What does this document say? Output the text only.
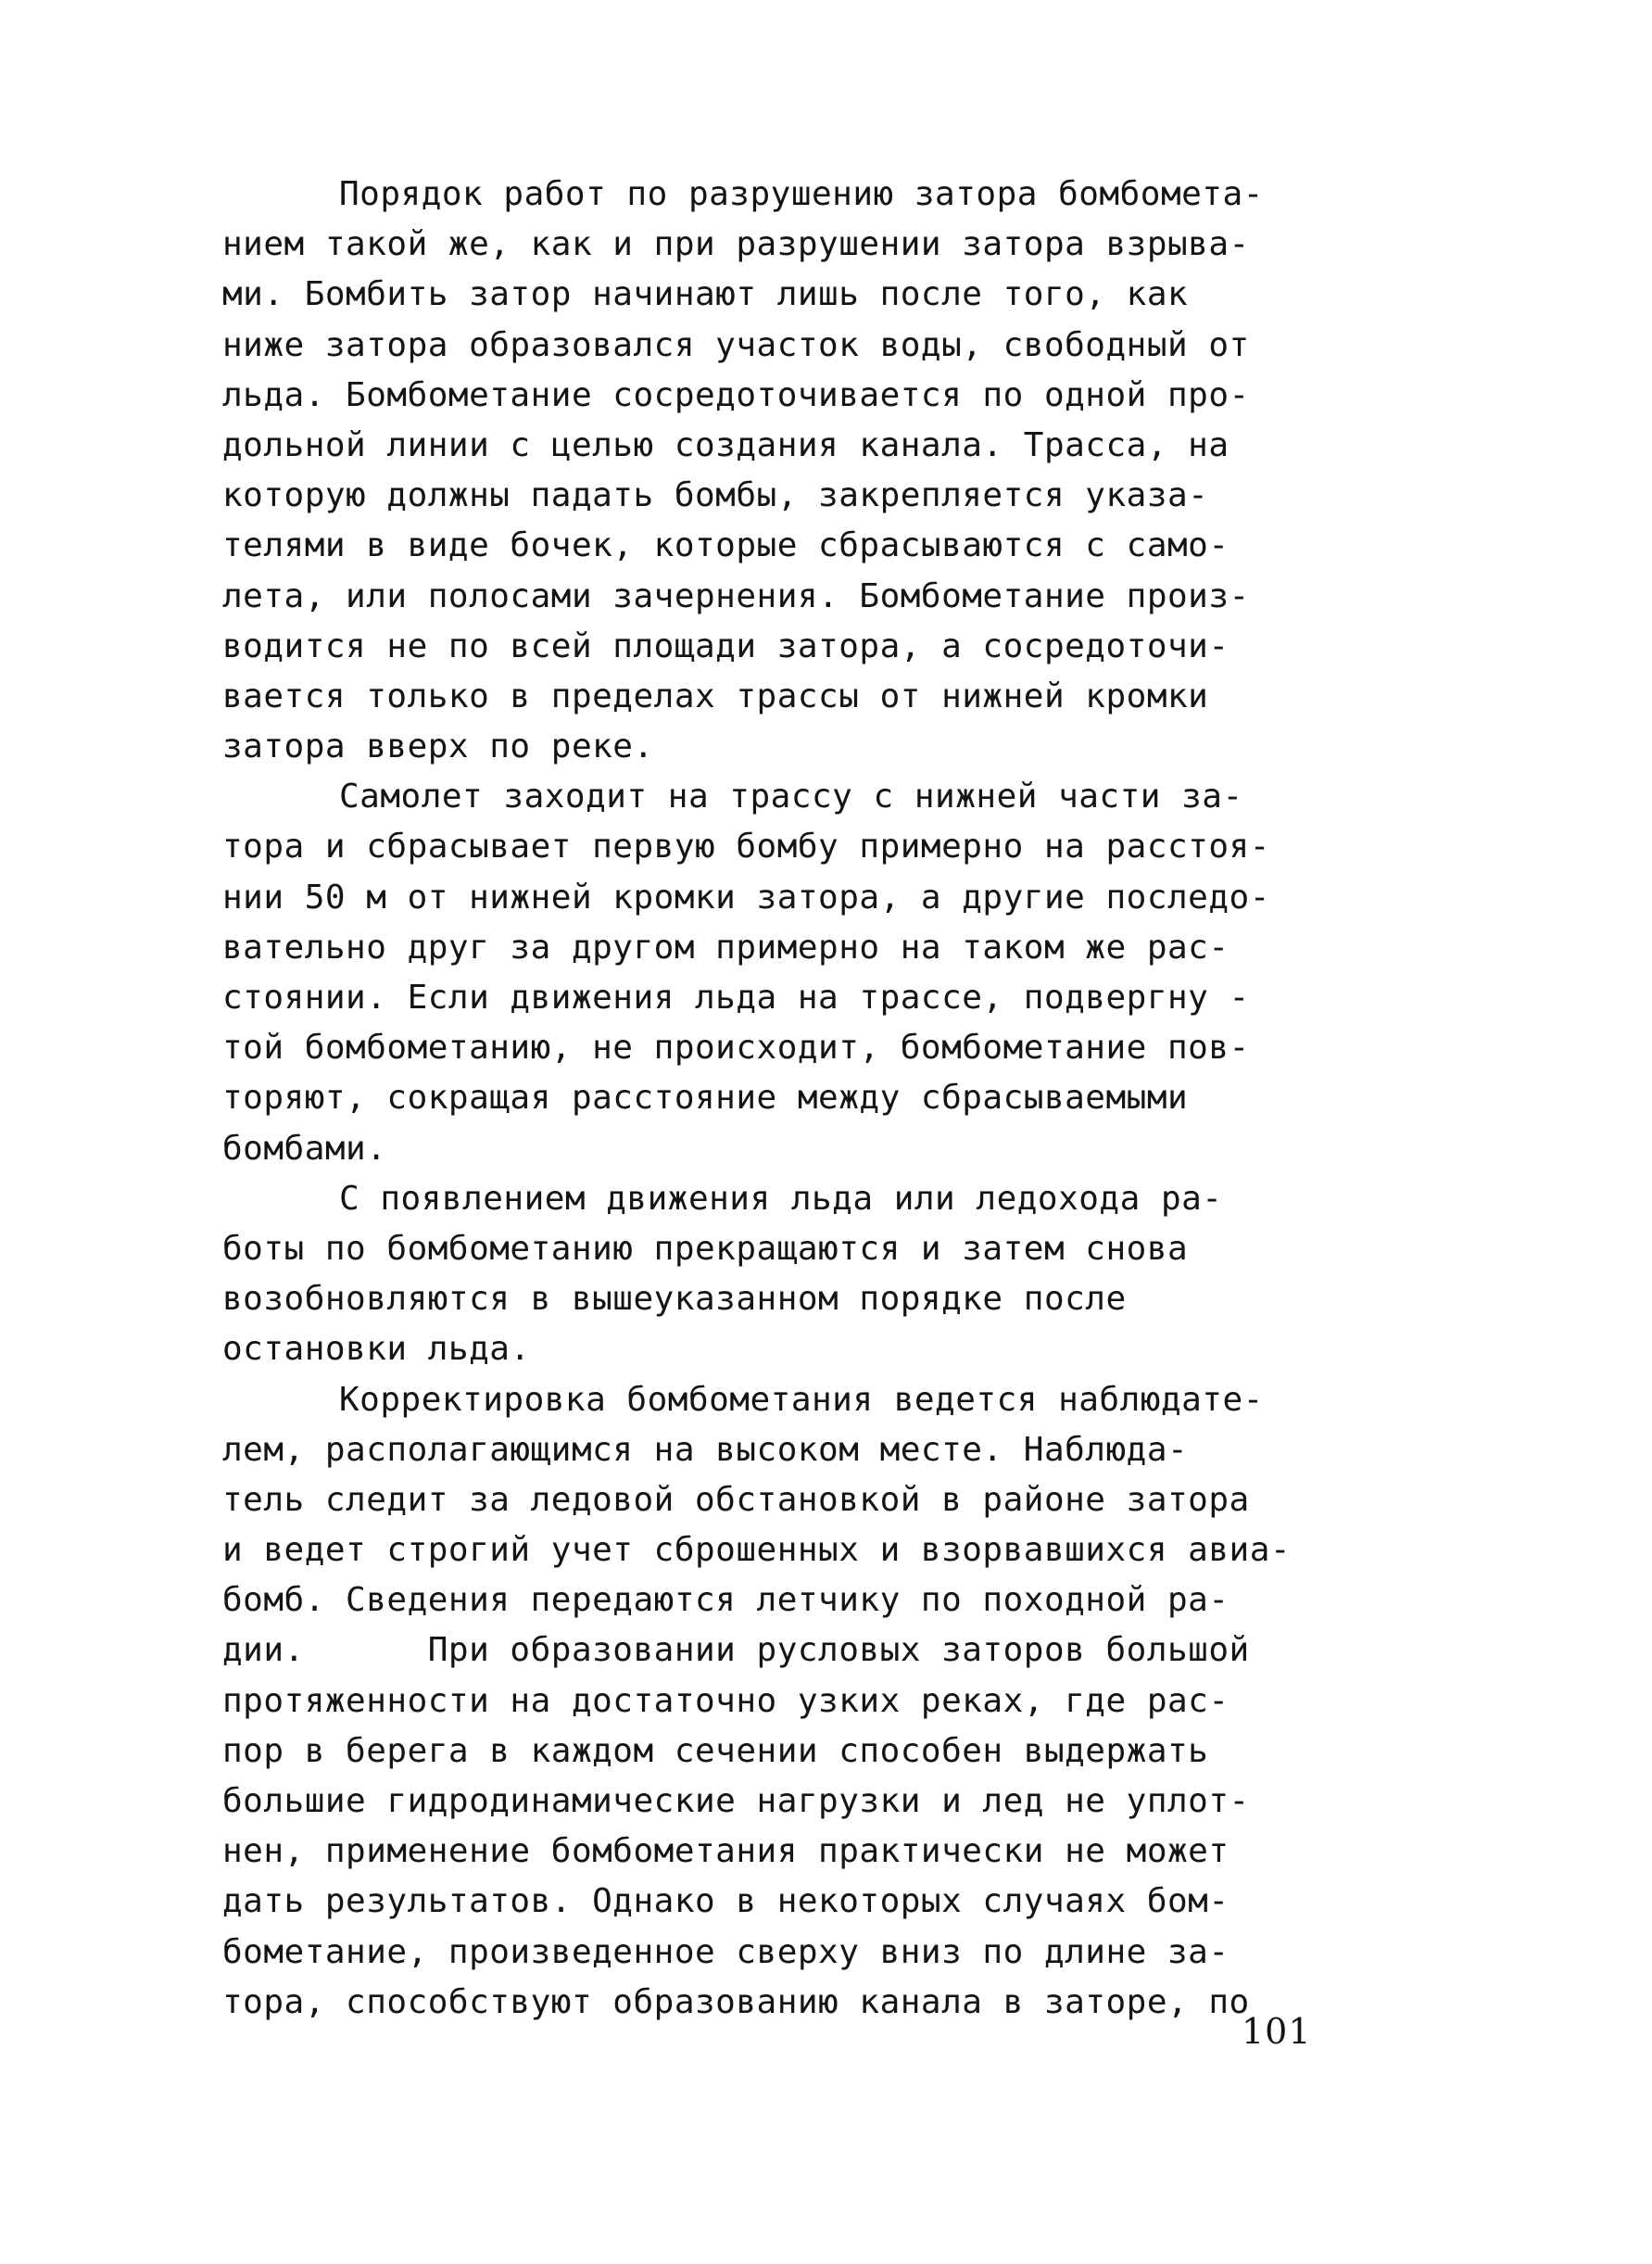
Порядок работ по разрушению затора бомбомета-
нием такой же, как и при разрушении затора взрыва-
ми. Бомбить затор начинают лишь после того, как
ниже затора образовался участок воды, свободный от
льда. Бомбометание сосредоточивается по одной про-
дольной линии с целью создания канала. Трасса, на
которую должны падать бомбы, закрепляется указа-
телями в виде бочек, которые сбрасываются с само-
лета, или полосами зачернения. Бомбометание произ-
водится не по всей площади затора, а сосредоточи-
вается только в пределах трассы от нижней кромки
затора вверх по реке.
Самолет заходит на трассу с нижней части за-
тора и сбрасывает первую бомбу примерно на расстоя-
нии 50 м от нижней кромки затора, а другие последо-
вательно друг за другом примерно на таком же рас-
стоянии. Если движения льда на трассе, подвергну -
той бомбометанию, не происходит, бомбометание пов-
торяют, сокращая расстояние между сбрасываемыми
бомбами.
С появлением движения льда или ледохода ра-
боты по бомбометанию прекращаются и затем снова
возобновляются в вышеуказанном порядке после
остановки льда.
Корректировка бомбометания ведется наблюдате-
лем, располагающимся на высоком месте. Наблюда-
тель следит за ледовой обстановкой в районе затора
и ведет строгий учет сброшенных и взорвавшихся авиа-
бомб. Сведения передаются летчику по походной ра-
дии.      При образовании русловых заторов большой
протяженности на достаточно узких реках, где рас-
пор в берега в каждом сечении способен выдержать
большие гидродинамические нагрузки и лед не уплот-
нен, применение бомбометания практически не может
дать результатов. Однако в некоторых случаях бом-
бометание, произведенное сверху вниз по длине за-
тора, способствуют образованию канала в заторе, по
101
